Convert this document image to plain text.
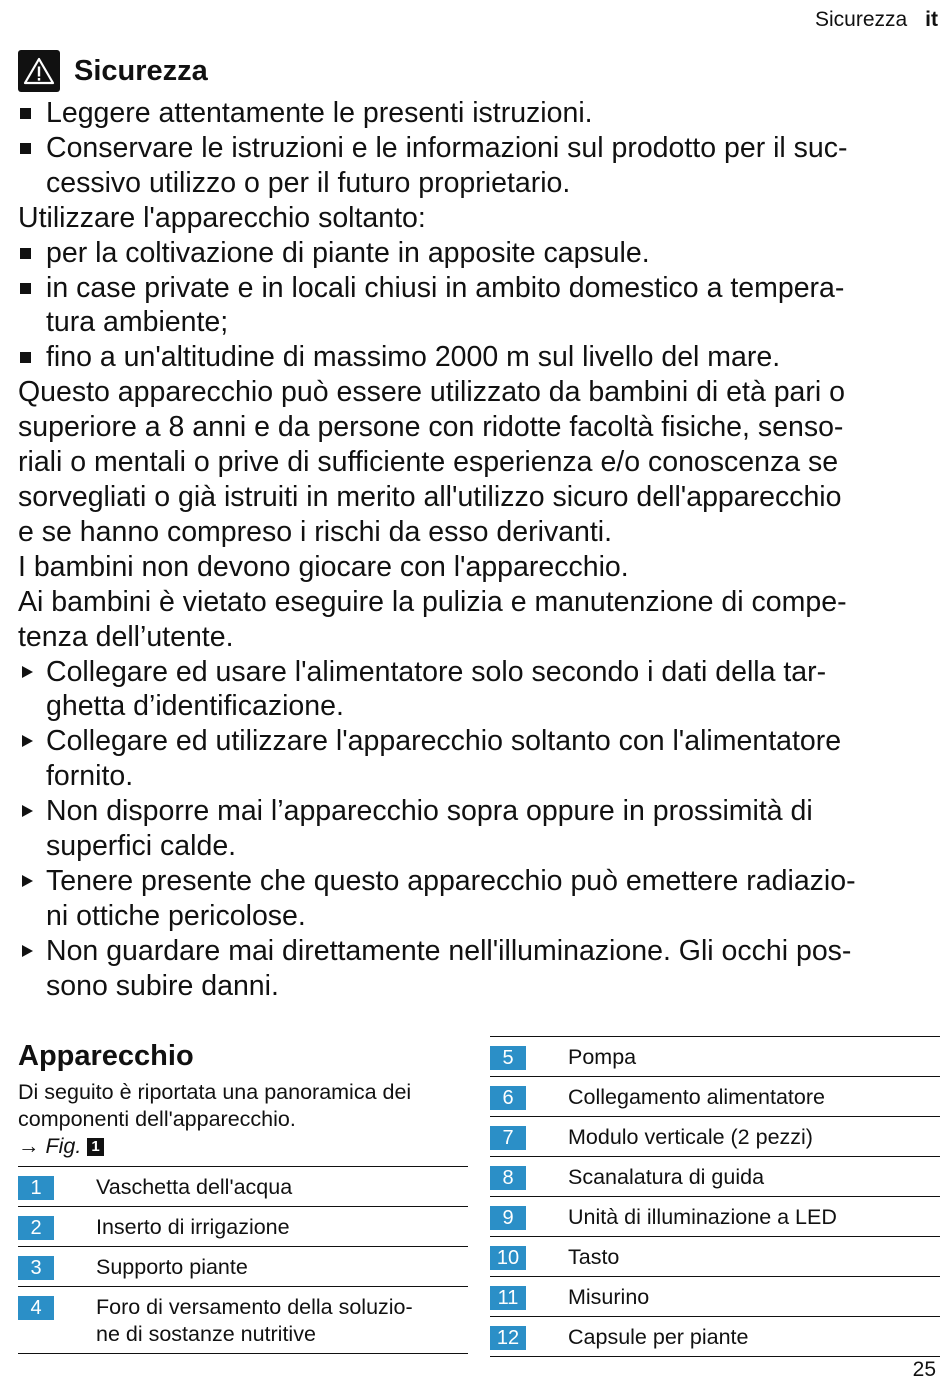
Sicurezza it
Sicurezza
Leggere attentamente le presenti istruzioni.
Conservare le istruzioni e le informazioni sul prodotto per il suc-
cessivo utilizzo o per il futuro proprietario.
Utilizzare l'apparecchio soltanto:
per la coltivazione di piante in apposite capsule.
in case private e in locali chiusi in ambito domestico a tempera-
tura ambiente;
fino a un'altitudine di massimo 2000 m sul livello del mare.
Questo apparecchio può essere utilizzato da bambini di età pari o
superiore a 8 anni e da persone con ridotte facoltà fisiche, senso-
riali o mentali o prive di sufficiente esperienza e/o conoscenza se
sorvegliati o già istruiti in merito all'utilizzo sicuro dell'apparecchio
e se hanno compreso i rischi da esso derivanti.
I bambini non devono giocare con l'apparecchio.
Ai bambini è vietato eseguire la pulizia e manutenzione di compe-
tenza dell’utente.
Collegare ed usare l'alimentatore solo secondo i dati della tar-
ghetta d’identificazione.
Collegare ed utilizzare l'apparecchio soltanto con l'alimentatore
fornito.
Non disporre mai l’apparecchio sopra oppure in prossimità di
superfici calde.
Tenere presente che questo apparecchio può emettere radiazio-
ni ottiche pericolose.
Non guardare mai direttamente nell'illuminazione. Gli occhi pos-
sono subire danni.
Apparecchio
Di seguito è riportata una panoramica dei
componenti dell'apparecchio.
→ Fig. 1
1	Vaschetta dell'acqua
2	Inserto di irrigazione
3	Supporto piante
4	Foro di versamento della soluzio-
ne di sostanze nutritive
5	Pompa
6	Collegamento alimentatore
7	Modulo verticale (2 pezzi)
8	Scanalatura di guida
9	Unità di illuminazione a LED
10	Tasto
11	Misurino
12	Capsule per piante
25
